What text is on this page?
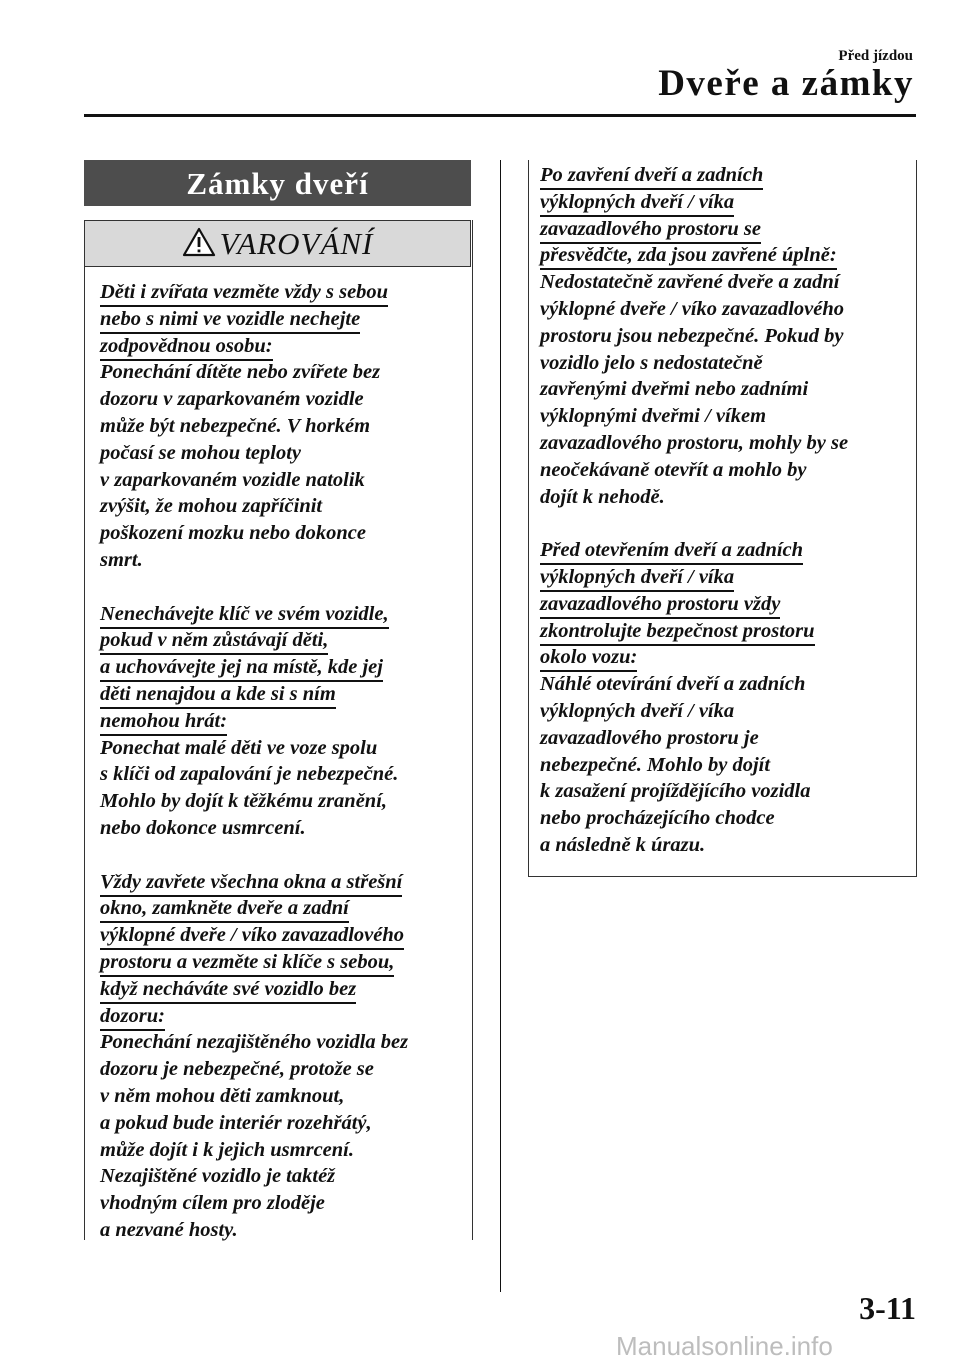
Před jízdou
Dveře a zámky
Zámky dveří
VAROVÁNÍ
Děti i zvířata vezměte vždy s sebou
nebo s nimi ve vozidle nechejte
zodpovědnou osobu:
Ponechání dítěte nebo zvířete bez
dozoru v zaparkovaném vozidle
může být nebezpečné. V horkém
počasí se mohou teploty
v zaparkovaném vozidle natolik
zvýšit, že mohou zapříčinit
poškození mozku nebo dokonce
smrt.
Nenechávejte klíč ve svém vozidle,
pokud v něm zůstávají děti,
a uchovávejte jej na místě, kde jej
děti nenajdou a kde si s ním
nemohou hrát:
Ponechat malé děti ve voze spolu
s klíči od zapalování je nebezpečné.
Mohlo by dojít k těžkému zranění,
nebo dokonce usmrcení.
Vždy zavřete všechna okna a střešní
okno, zamkněte dveře a zadní
výklopné dveře / víko zavazadlového
prostoru a vezměte si klíče s sebou,
když necháváte své vozidlo bez
dozoru:
Ponechání nezajištěného vozidla bez
dozoru je nebezpečné, protože se
v něm mohou děti zamknout,
a pokud bude interiér rozehřátý,
může dojít i k jejich usmrcení.
Nezajištěné vozidlo je taktéž
vhodným cílem pro zloděje
a nezvané hosty.
Po zavření dveří a zadních
výklopných dveří / víka
zavazadlového prostoru se
přesvědčte, zda jsou zavřené úplně:
Nedostatečně zavřené dveře a zadní
výklopné dveře / víko zavazadlového
prostoru jsou nebezpečné. Pokud by
vozidlo jelo s nedostatečně
zavřenými dveřmi nebo zadními
výklopnými dveřmi / víkem
zavazadlového prostoru, mohly by se
neočekávaně otevřít a mohlo by
dojít k nehodě.
Před otevřením dveří a zadních
výklopných dveří / víka
zavazadlového prostoru vždy
zkontrolujte bezpečnost prostoru
okolo vozu:
Náhlé otevírání dveří a zadních
výklopných dveří / víka
zavazadlového prostoru je
nebezpečné. Mohlo by dojít
k zasažení projíždějícího vozidla
nebo procházejícího chodce
a následně k úrazu.
3-11
Manualsonline.info
